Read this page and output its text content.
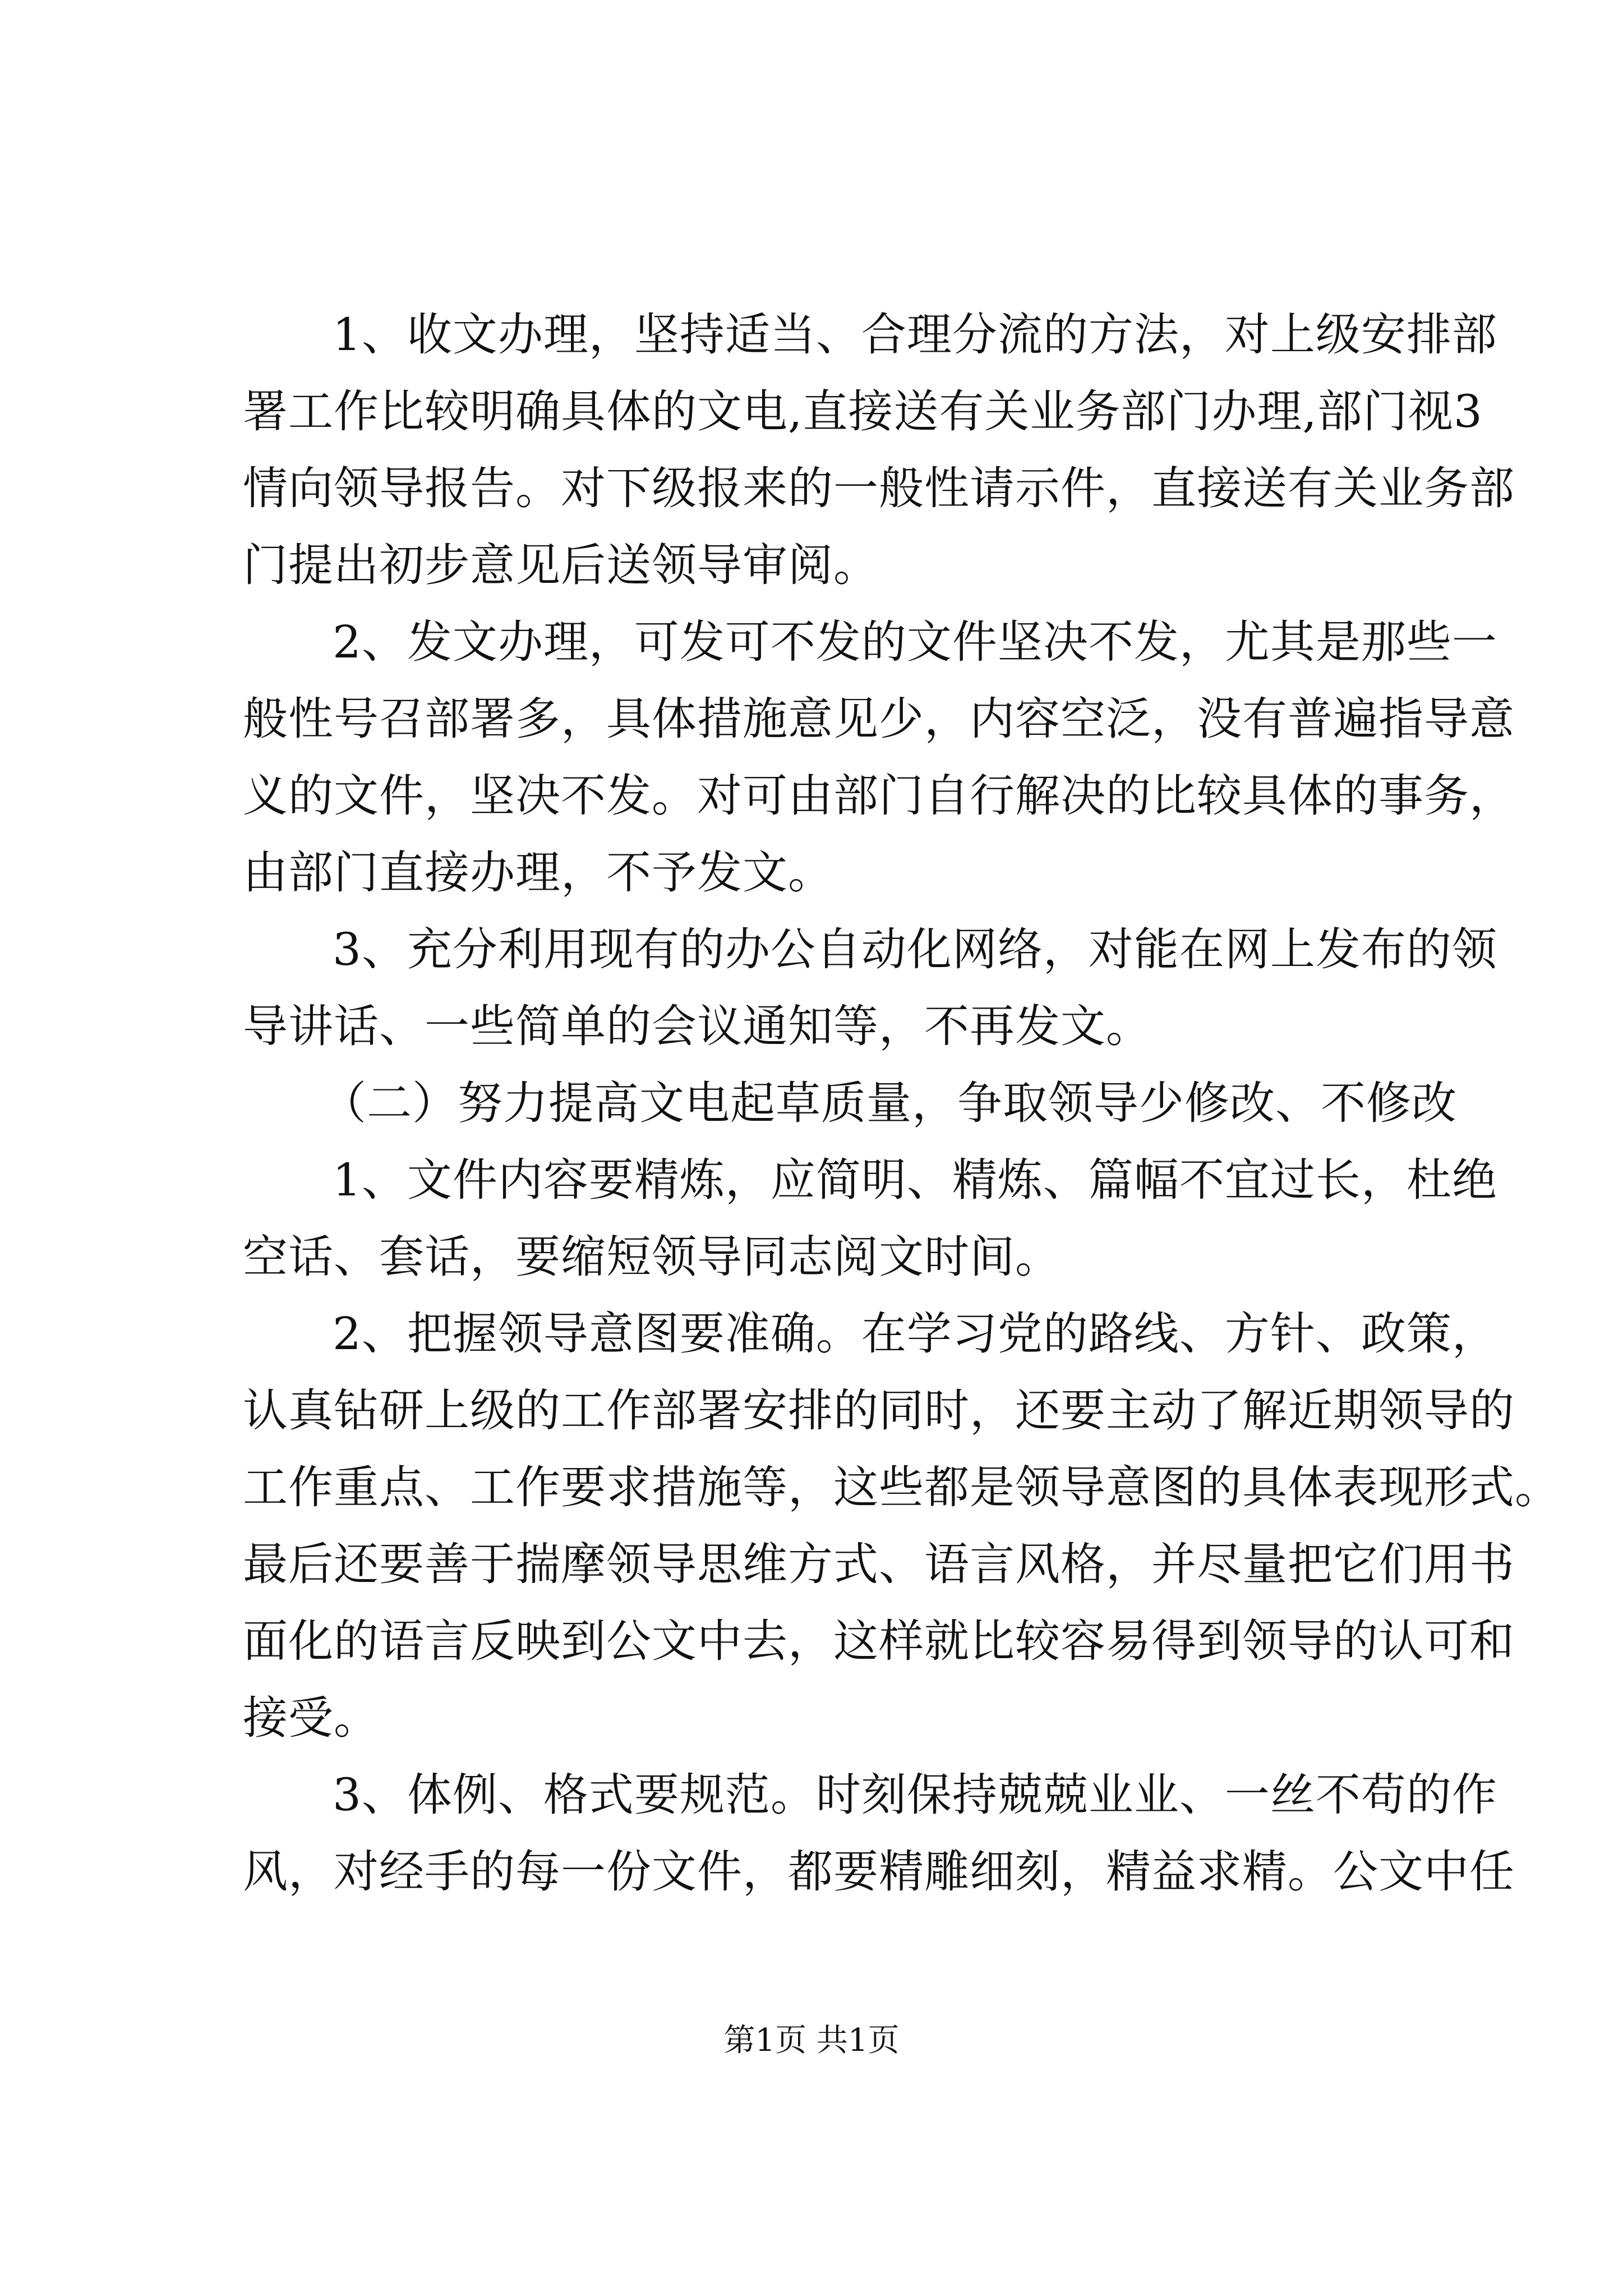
1、收文办理，坚持适当、合理分流的方法，对上级安排部
署工作比较明确具体的文电,直接送有关业务部门办理,部门视3
情向领导报告。对下级报来的一般性请示件，直接送有关业务部
门提出初步意见后送领导审阅。
2、发文办理，可发可不发的文件坚决不发，尤其是那些一
般性号召部署多，具体措施意见少，内容空泛，没有普遍指导意
义的文件，坚决不发。对可由部门自行解决的比较具体的事务，
由部门直接办理，不予发文。
3、充分利用现有的办公自动化网络，对能在网上发布的领
导讲话、一些简单的会议通知等，不再发文。
（二）努力提高文电起草质量，争取领导少修改、不修改
1、文件内容要精炼，应简明、精炼、篇幅不宜过长，杜绝
空话、套话，要缩短领导同志阅文时间。
2、把握领导意图要准确。在学习党的路线、方针、政策，
认真钻研上级的工作部署安排的同时，还要主动了解近期领导的
工作重点、工作要求措施等，这些都是领导意图的具体表现形式。
最后还要善于揣摩领导思维方式、语言风格，并尽量把它们用书
面化的语言反映到公文中去，这样就比较容易得到领导的认可和
接受。
3、体例、格式要规范。时刻保持兢兢业业、一丝不苟的作
风，对经手的每一份文件，都要精雕细刻，精益求精。公文中任
第1页 共1页
